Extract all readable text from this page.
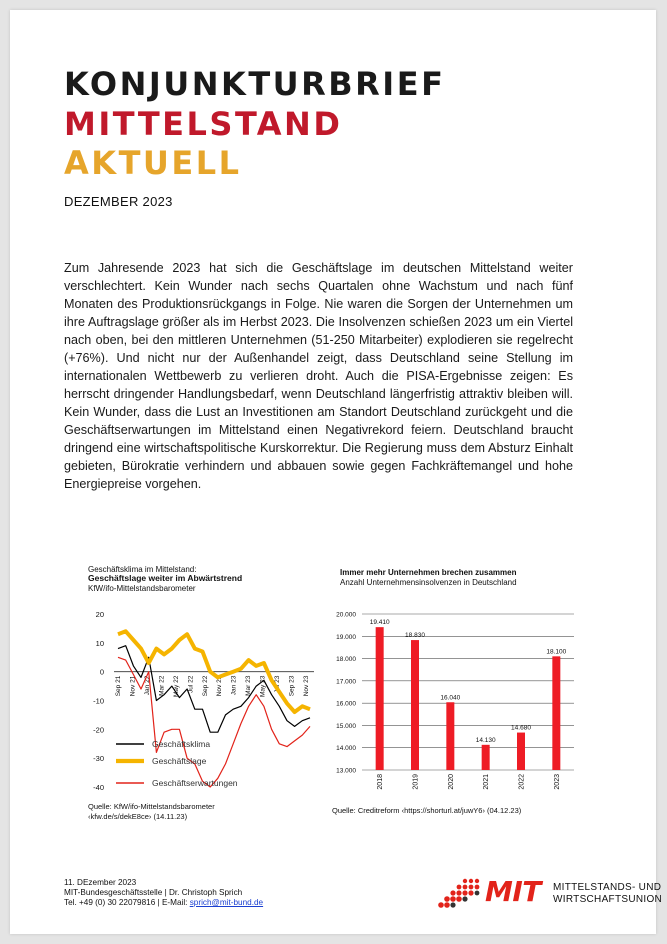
KONJUNKTURBRIEF
MITTELSTAND
AKTUELL
DEZEMBER 2023
Zum Jahresende 2023 hat sich die Geschäftslage im deutschen Mittelstand weiter verschlechtert. Kein Wunder nach sechs Quartalen ohne Wachstum und nach fünf Monaten des Produktionsrückgangs in Folge. Nie waren die Sorgen der Unternehmen um ihre Auftragslage größer als im Herbst 2023. Die Insolvenzen schießen 2023 um ein Viertel nach oben, bei den mittleren Unternehmen (51-250 Mitarbeiter) explodieren sie regelrecht (+76%). Und nicht nur der Außenhandel zeigt, dass Deutschland seine Stellung im internationalen Wettbewerb zu verlieren droht. Auch die PISA-Ergebnisse zeigen: Es herrscht dringender Handlungsbedarf, wenn Deutschland längerfristig attraktiv bleiben will. Kein Wunder, dass die Lust an Investitionen am Standort Deutschland zurückgeht und die Geschäftserwartungen im Mittelstand einen Negativrekord feiern. Deutschland braucht dringend eine wirtschaftspolitische Kurskorrektur. Die Regierung muss dem Absturz Einhalt gebieten, Bürokratie verhindern und abbauen sowie gegen Fachkräftemangel und hohe Energiepreise vorgehen.
Geschäftsklima im Mittelstand:
Geschäftslage weiter im Abwärtstrend
KfW/ifo-Mittelstandsbarometer
20
10
0
-10
-20
-30
-40
Sep 21 Nov 21 Jan 22 Mar 22 May 22 Jul 22 Sep 22 Nov 22 Jan 23 Mar 23 May 23 Jul 23 Sep 23 Nov 23
Geschäftsklima
Geschäftslage
Geschäftserwartungen
Quelle: KfW/ifo-Mittelstandsbarometer
‹kfw.de/s/dekE8ce› (14.11.23)
Immer mehr Unternehmen brechen zusammen
Anzahl Unternehmensinsolvenzen in Deutschland
20.000
19.000
18.000
17.000
16.000
15.000
14.000
13.000
19.410
2018
18.830
2019
16.040
2020
14.130
2021
14.680
2022
18.100
2023
Quelle: Creditreform ‹https://shorturl.at/juwY6› (04.12.23)
11. DEzember 2023
MIT-Bundesgeschäftsstelle | Dr. Christoph Sprich
Tel. +49 (0) 30 22079816 | E-Mail: sprich@mit-bund.de	MIT MITTELSTANDS- UND
WIRTSCHAFTSUNION
